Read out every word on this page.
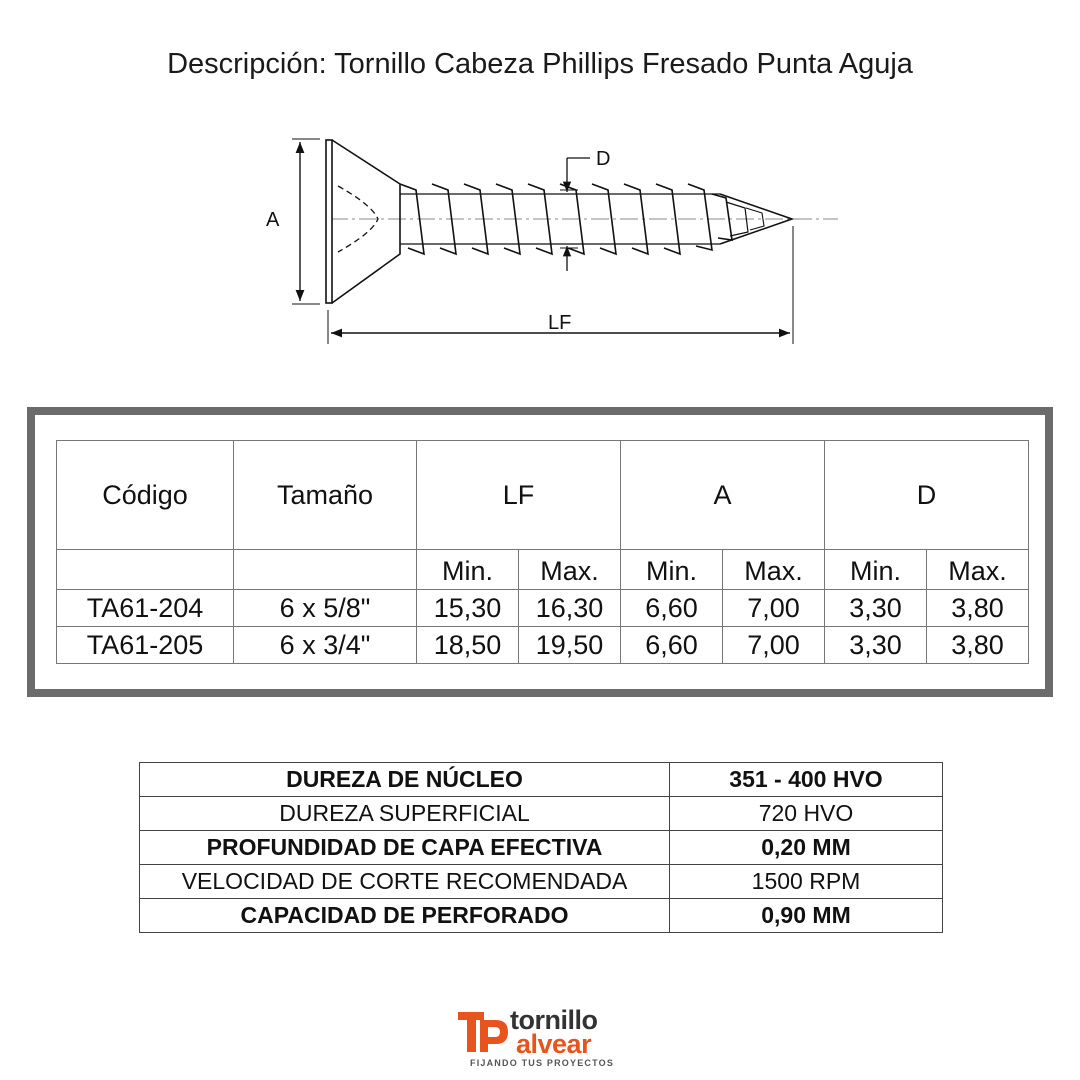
Descripción: Tornillo Cabeza Phillips Fresado Punta Aguja
A
D
LF
Código	Tamaño	LF		A		D	
		Min.	Max.	Min.	Max.	Min.	Max.
TA61-204	6 x 5/8"	15,30	16,30	6,60	7,00	3,30	3,80
TA61-205	6 x 3/4"	18,50	19,50	6,60	7,00	3,30	3,80
DUREZA DE NÚCLEO	351 - 400 HVO
DUREZA SUPERFICIAL	720 HVO
PROFUNDIDAD DE CAPA EFECTIVA	0,20 MM
VELOCIDAD DE CORTE RECOMENDADA	1500 RPM
CAPACIDAD DE PERFORADO	0,90 MM
tornillo
alvear
FIJANDO TUS PROYECTOS
